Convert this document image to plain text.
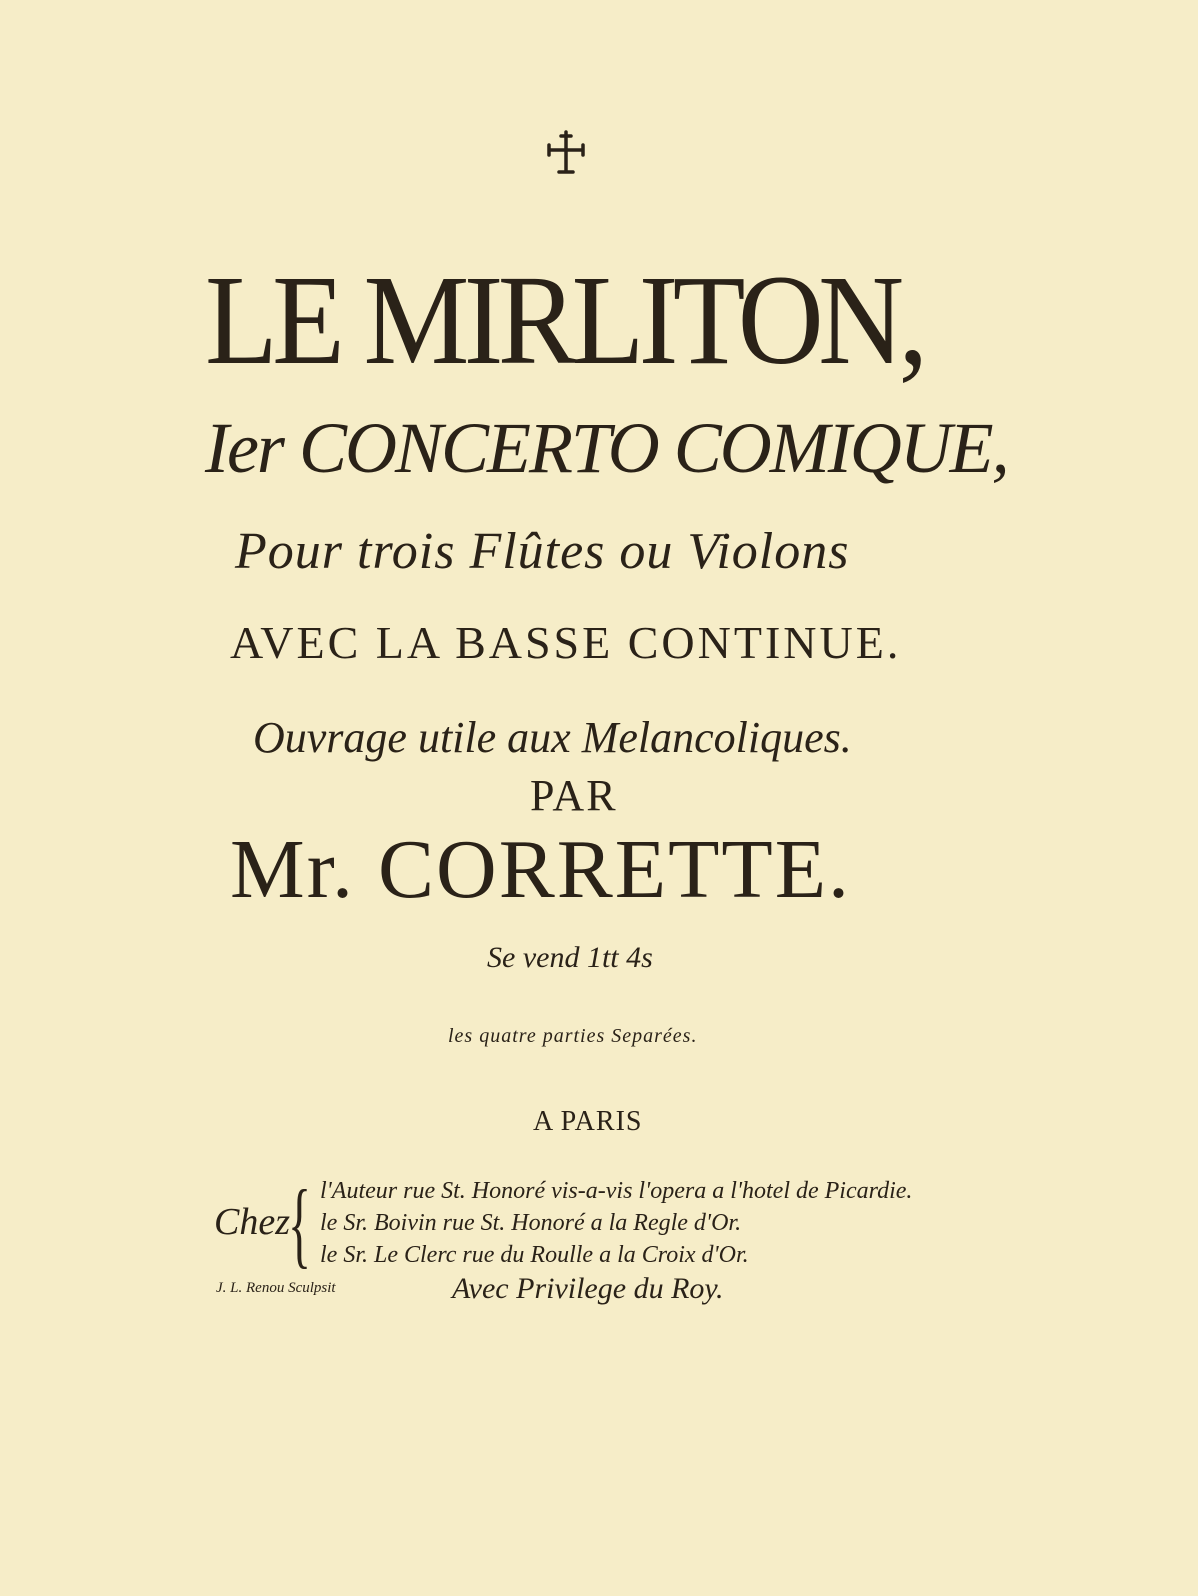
LE MIRLITON,
Ier CONCERTO COMIQUE,
Pour trois Flûtes ou Violons
AVEC LA BASSE CONTINUE.
Ouvrage utile aux Melancoliques.
PAR
Mr. CORRETTE.
Se vend 1tt 4s
les quatre parties Separées.
A PARIS
Chez
{ l'Auteur rue St. Honoré vis-a-vis l'opera a l'hotel de Picardie.
le Sr. Boivin rue St. Honoré a la Regle d'Or.
le Sr. Le Clerc rue du Roulle a la Croix d'Or.
J. L. Renou Sculpsit	Avec Privilege du Roy.
